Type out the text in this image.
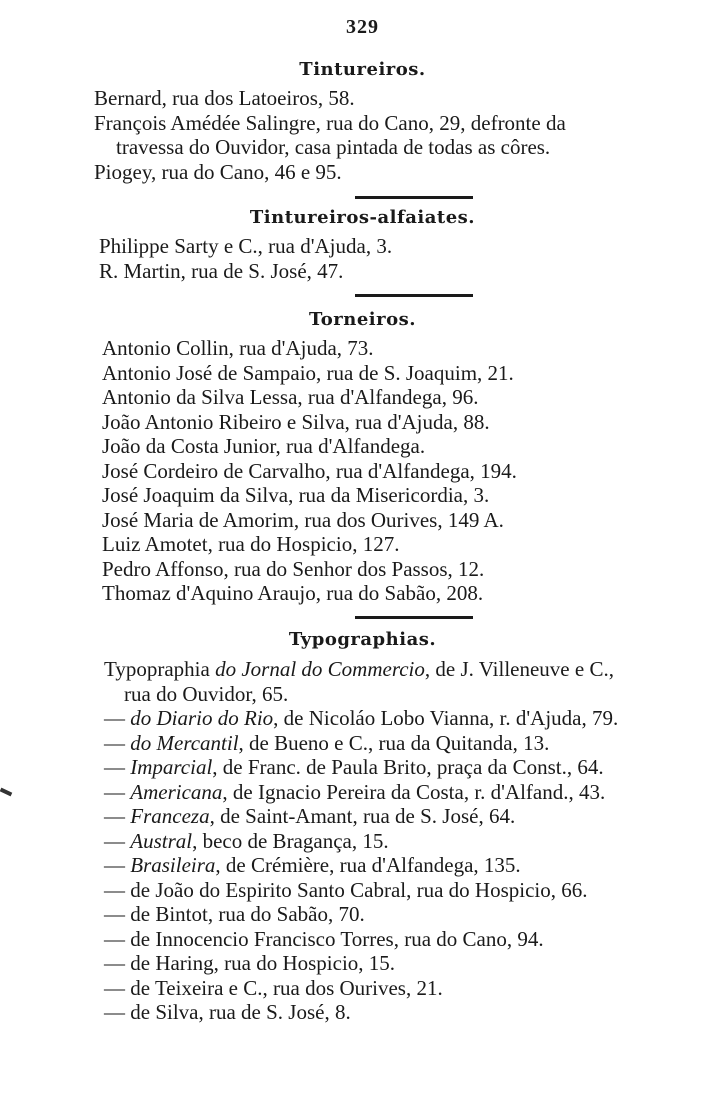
329
Tintureiros.
Bernard, rua dos Latoeiros, 58.
François Amédée Salingre, rua do Cano, 29, defronte da
travessa do Ouvidor, casa pintada de todas as côres.
Piogey, rua do Cano, 46 e 95.
Tintureiros-alfaiates.
Philippe Sarty e C., rua d'Ajuda, 3.
R. Martin, rua de S. José, 47.
Torneiros.
Antonio Collin, rua d'Ajuda, 73.
Antonio José de Sampaio, rua de S. Joaquim, 21.
Antonio da Silva Lessa, rua d'Alfandega, 96.
João Antonio Ribeiro e Silva, rua d'Ajuda, 88.
João da Costa Junior, rua d'Alfandega.
José Cordeiro de Carvalho, rua d'Alfandega, 194.
José Joaquim da Silva, rua da Misericordia, 3.
José Maria de Amorim, rua dos Ourives, 149 A.
Luiz Amotet, rua do Hospicio, 127.
Pedro Affonso, rua do Senhor dos Passos, 12.
Thomaz d'Aquino Araujo, rua do Sabão, 208.
Typographias.
Typopraphia do Jornal do Commercio, de J. Villeneuve e C.,
rua do Ouvidor, 65.
— do Diario do Rio, de Nicoláo Lobo Vianna, r. d'Ajuda, 79.
— do Mercantil, de Bueno e C., rua da Quitanda, 13.
— Imparcial, de Franc. de Paula Brito, praça da Const., 64.
— Americana, de Ignacio Pereira da Costa, r. d'Alfand., 43.
— Franceza, de Saint-Amant, rua de S. José, 64.
— Austral, beco de Bragança, 15.
— Brasileira, de Crémière, rua d'Alfandega, 135.
— de João do Espirito Santo Cabral, rua do Hospicio, 66.
— de Bintot, rua do Sabão, 70.
— de Innocencio Francisco Torres, rua do Cano, 94.
— de Haring, rua do Hospicio, 15.
— de Teixeira e C., rua dos Ourives, 21.
— de Silva, rua de S. José, 8.
